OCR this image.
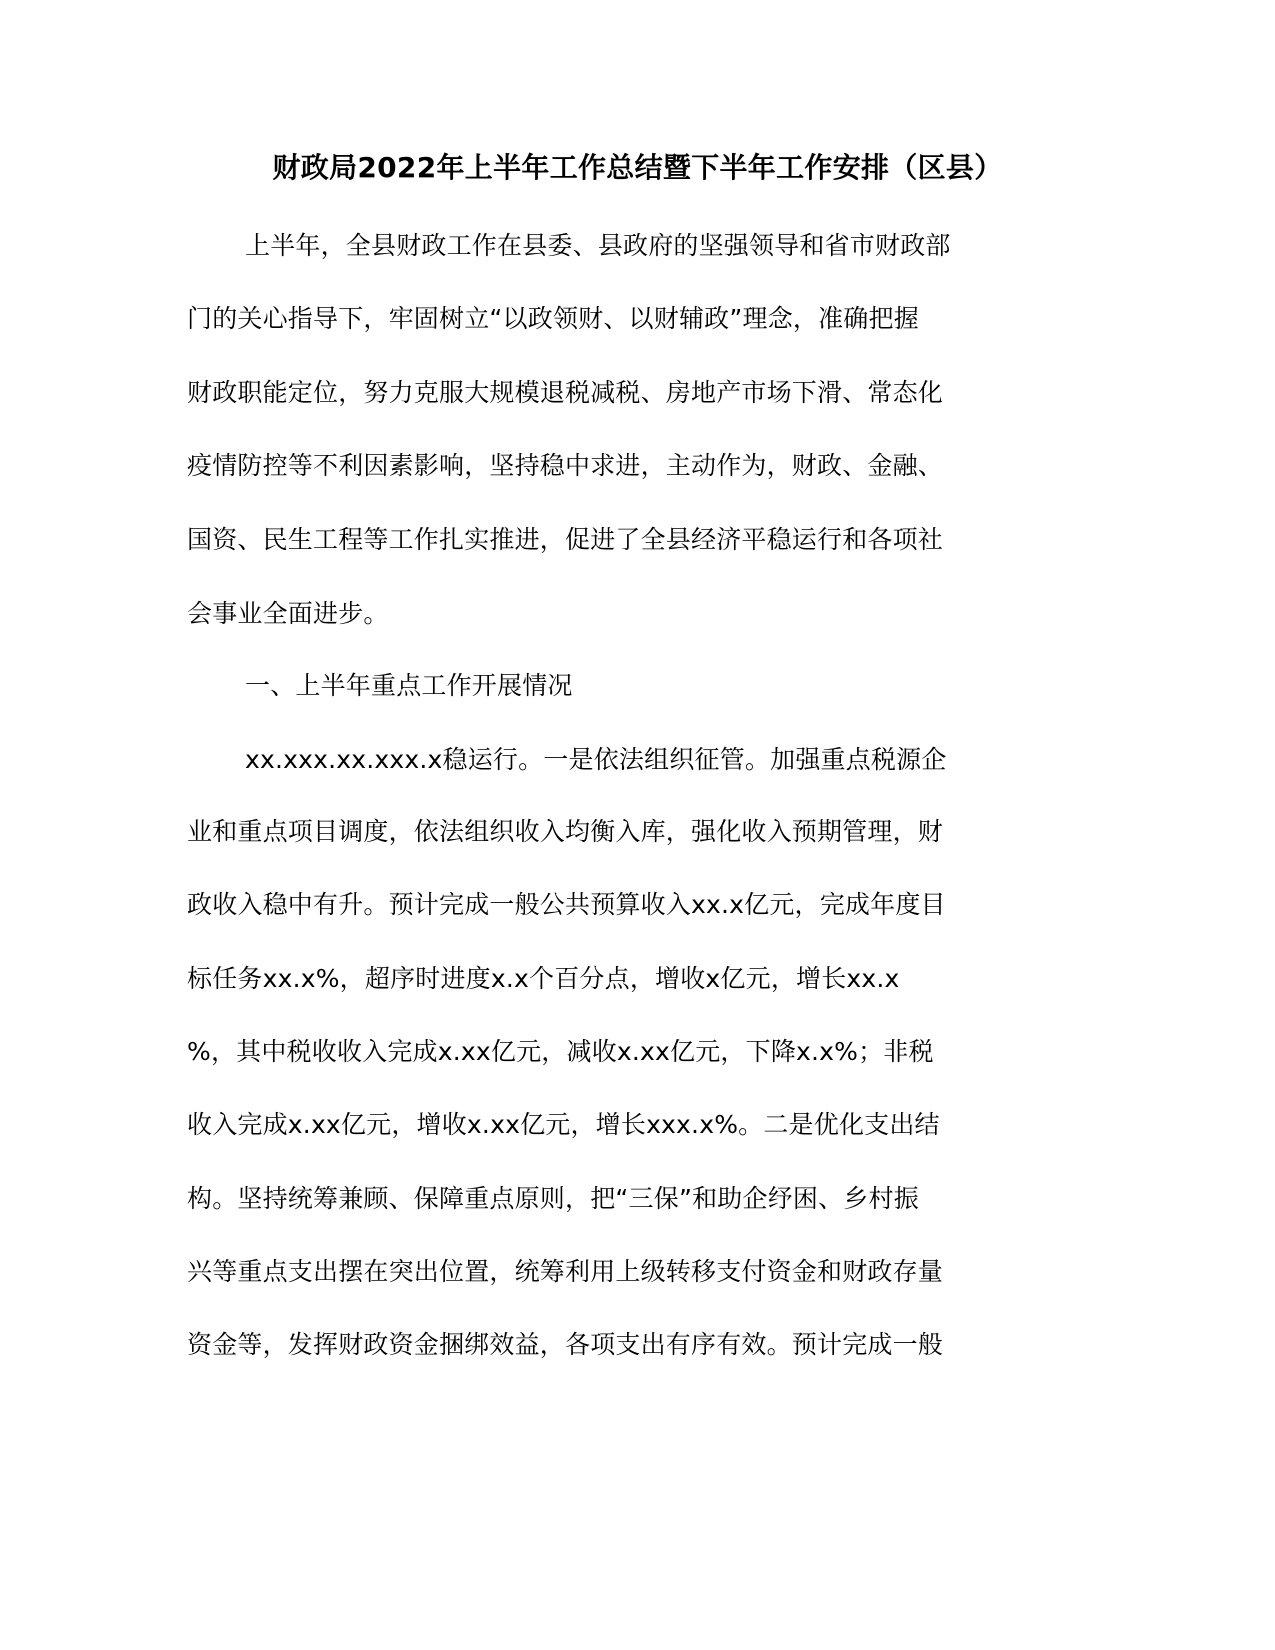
财政局2022年上半年工作总结暨下半年工作安排（区县）
上半年，全县财政工作在县委、县政府的坚强领导和省市财政部
门的关心指导下，牢固树立“以政领财、以财辅政”理念，准确把握
财政职能定位，努力克服大规模退税减税、房地产市场下滑、常态化
疫情防控等不利因素影响，坚持稳中求进，主动作为，财政、金融、
国资、民生工程等工作扎实推进，促进了全县经济平稳运行和各项社
会事业全面进步。
一、上半年重点工作开展情况
xx.xxx.xx.xxx.x稳运行。一是依法组织征管。加强重点税源企
业和重点项目调度，依法组织收入均衡入库，强化收入预期管理，财
政收入稳中有升。预计完成一般公共预算收入xx.x亿元，完成年度目
标任务xx.x%，超序时进度x.x个百分点，增收x亿元，增长xx.x
%，其中税收收入完成x.xx亿元，减收x.xx亿元，下降x.x%；非税
收入完成x.xx亿元，增收x.xx亿元，增长xxx.x%。二是优化支出结
构。坚持统筹兼顾、保障重点原则，把“三保”和助企纾困、乡村振
兴等重点支出摆在突出位置，统筹利用上级转移支付资金和财政存量
资金等，发挥财政资金捆绑效益，各项支出有序有效。预计完成一般
